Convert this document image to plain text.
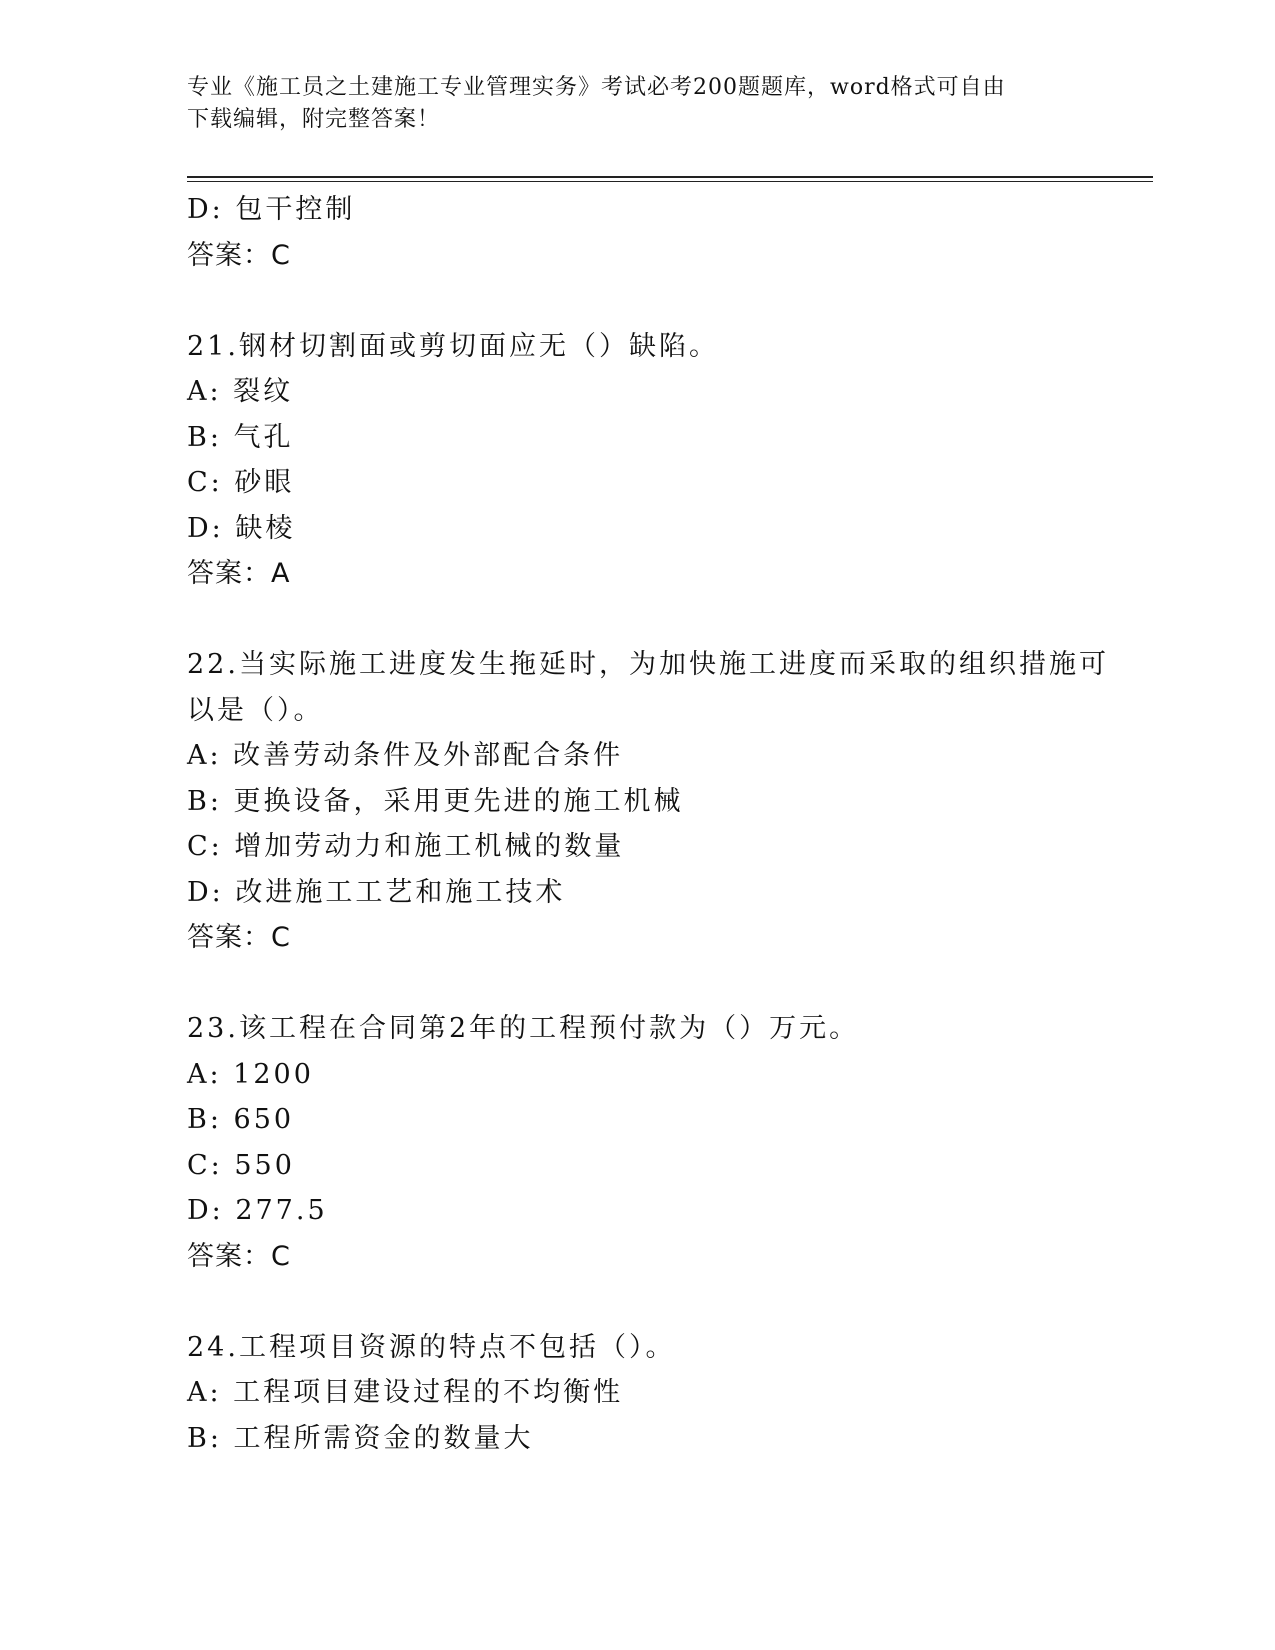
专业《施工员之土建施工专业管理实务》考试必考200题题库，word格式可自由
下载编辑，附完整答案！
D: 包干控制
答案：C
21.钢材切割面或剪切面应无（）缺陷。
A: 裂纹
B: 气孔
C: 砂眼
D: 缺棱
答案：A
22.当实际施工进度发生拖延时，为加快施工进度而采取的组织措施可
以是（）。
A: 改善劳动条件及外部配合条件
B: 更换设备，采用更先进的施工机械
C: 增加劳动力和施工机械的数量
D: 改进施工工艺和施工技术
答案：C
23.该工程在合同第2年的工程预付款为（）万元。
A: 1200
B: 650
C: 550
D: 277.5
答案：C
24.工程项目资源的特点不包括（）。
A: 工程项目建设过程的不均衡性
B: 工程所需资金的数量大
